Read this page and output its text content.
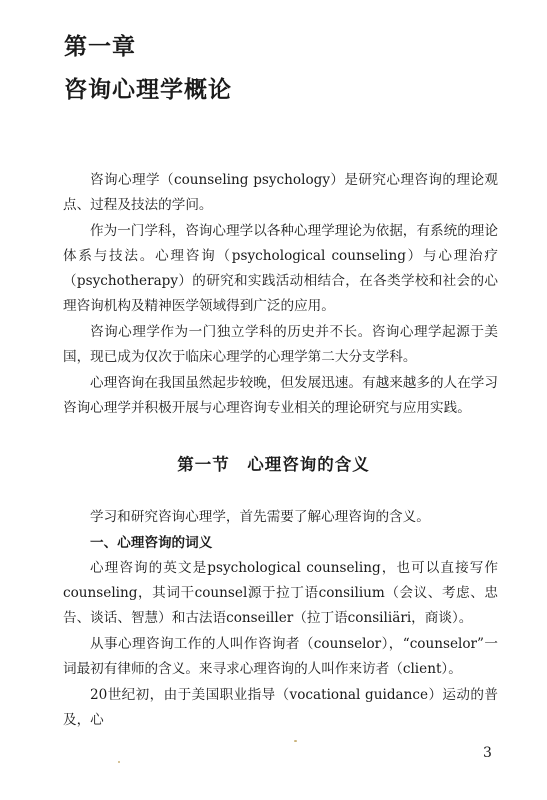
第一章
咨询心理学概论

咨询心理学（counseling psychology）是研究心理咨询的理论观点、过程及技法的学问。

作为一门学科，咨询心理学以各种心理学理论为依据，有系统的理论体系与技法。心理咨询（psychological counseling）与心理治疗（psychotherapy）的研究和实践活动相结合，在各类学校和社会的心理咨询机构及精神医学领域得到广泛的应用。

咨询心理学作为一门独立学科的历史并不长。咨询心理学起源于美国，现已成为仅次于临床心理学的心理学第二大分支学科。

心理咨询在我国虽然起步较晚，但发展迅速。有越来越多的人在学习咨询心理学并积极开展与心理咨询专业相关的理论研究与应用实践。

第一节　心理咨询的含义

学习和研究咨询心理学，首先需要了解心理咨询的含义。

一、心理咨询的词义

心理咨询的英文是psychological counseling，也可以直接写作counseling，其词干counsel源于拉丁语consilium（会议、考虑、忠告、谈话、智慧）和古法语conseiller（拉丁语consiliäri，商谈）。

从事心理咨询工作的人叫作咨询者（counselor），“counselor”一词最初有律师的含义。来寻求心理咨询的人叫作来访者（client）。

20世纪初，由于美国职业指导（vocational guidance）运动的普及，心

3
